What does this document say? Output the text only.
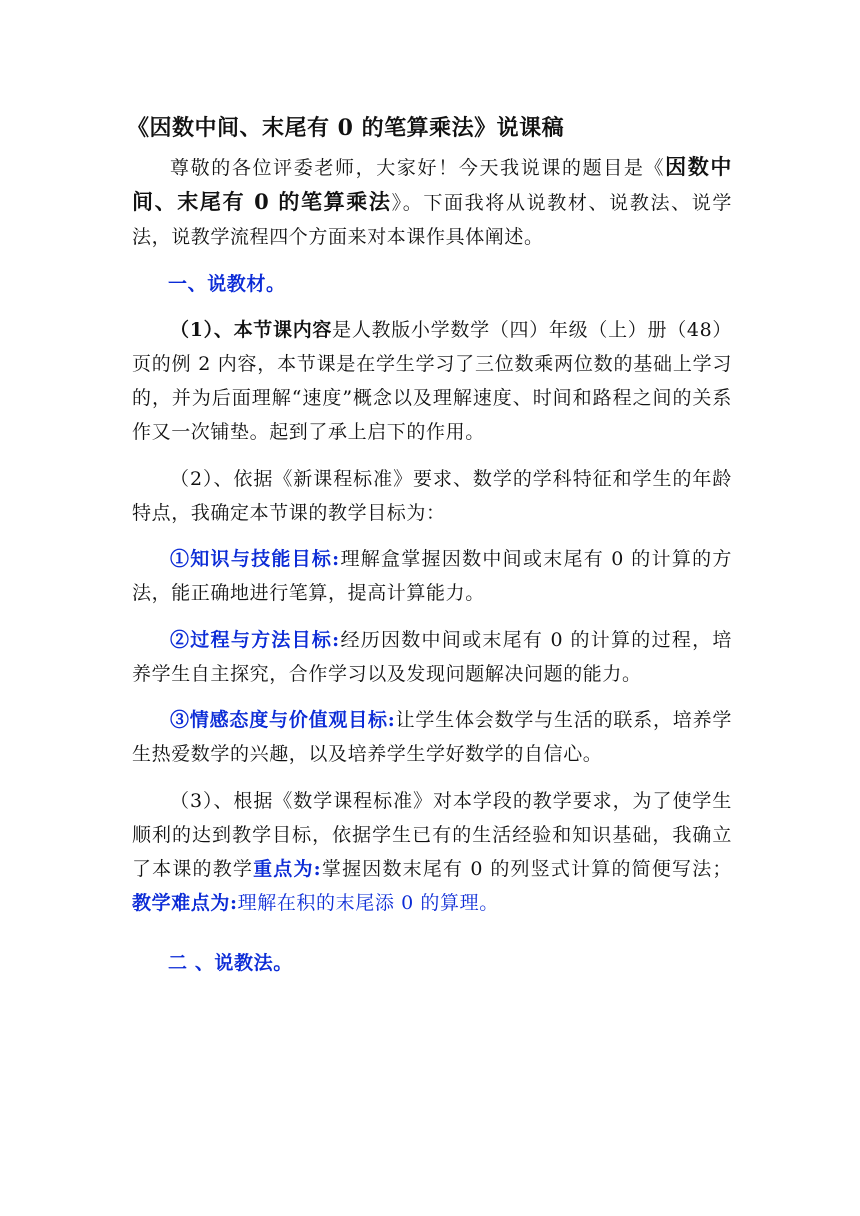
《因数中间、末尾有 0 的笔算乘法》说课稿

尊敬的各位评委老师，大家好！今天我说课的题目是《因数中间、末尾有 0 的笔算乘法》。下面我将从说教材、说教法、说学法，说教学流程四个方面来对本课作具体阐述。

一、说教材。

（1）、本节课内容是人教版小学数学（四）年级（上）册（48）页的例 2 内容，本节课是在学生学习了三位数乘两位数的基础上学习的，并为后面理解“速度”概念以及理解速度、时间和路程之间的关系作又一次铺垫。起到了承上启下的作用。

（2）、依据《新课程标准》要求、数学的学科特征和学生的年龄特点，我确定本节课的教学目标为：

①知识与技能目标:理解盒掌握因数中间或末尾有 0 的计算的方法，能正确地进行笔算，提高计算能力。

②过程与方法目标:经历因数中间或末尾有 0 的计算的过程，培养学生自主探究，合作学习以及发现问题解决问题的能力。

③情感态度与价值观目标:让学生体会数学与生活的联系，培养学生热爱数学的兴趣，以及培养学生学好数学的自信心。

（3）、根据《数学课程标准》对本学段的教学要求，为了使学生顺利的达到教学目标，依据学生已有的生活经验和知识基础，我确立了本课的教学重点为:掌握因数末尾有 0 的列竖式计算的简便写法；教学难点为:理解在积的末尾添 0 的算理。

二 、说教法。
